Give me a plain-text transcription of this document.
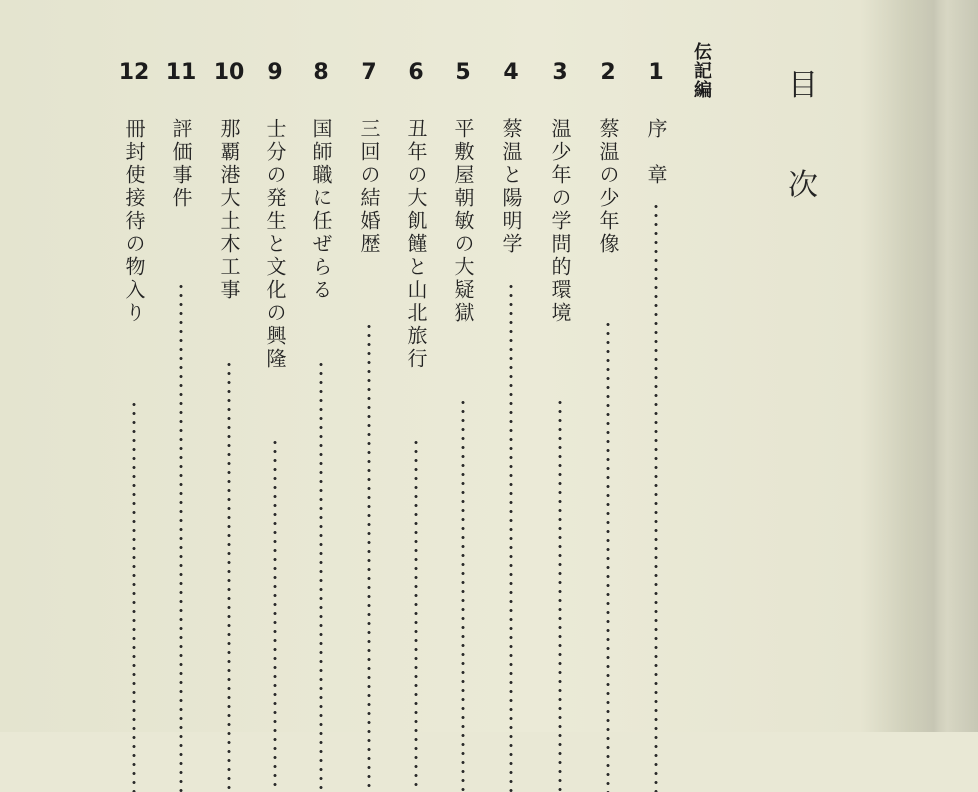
目
次
伝記編
1
序　章
2
蔡温の少年像
3
温少年の学問的環境
4
蔡温と陽明学
5
平敷屋朝敏の大疑獄
6
丑年の大飢饉と山北旅行
7
三回の結婚歴
8
国師職に任ぜらる
9
士分の発生と文化の興隆
10
那覇港大土木工事
11
評価事件
12
冊封使接待の物入り
